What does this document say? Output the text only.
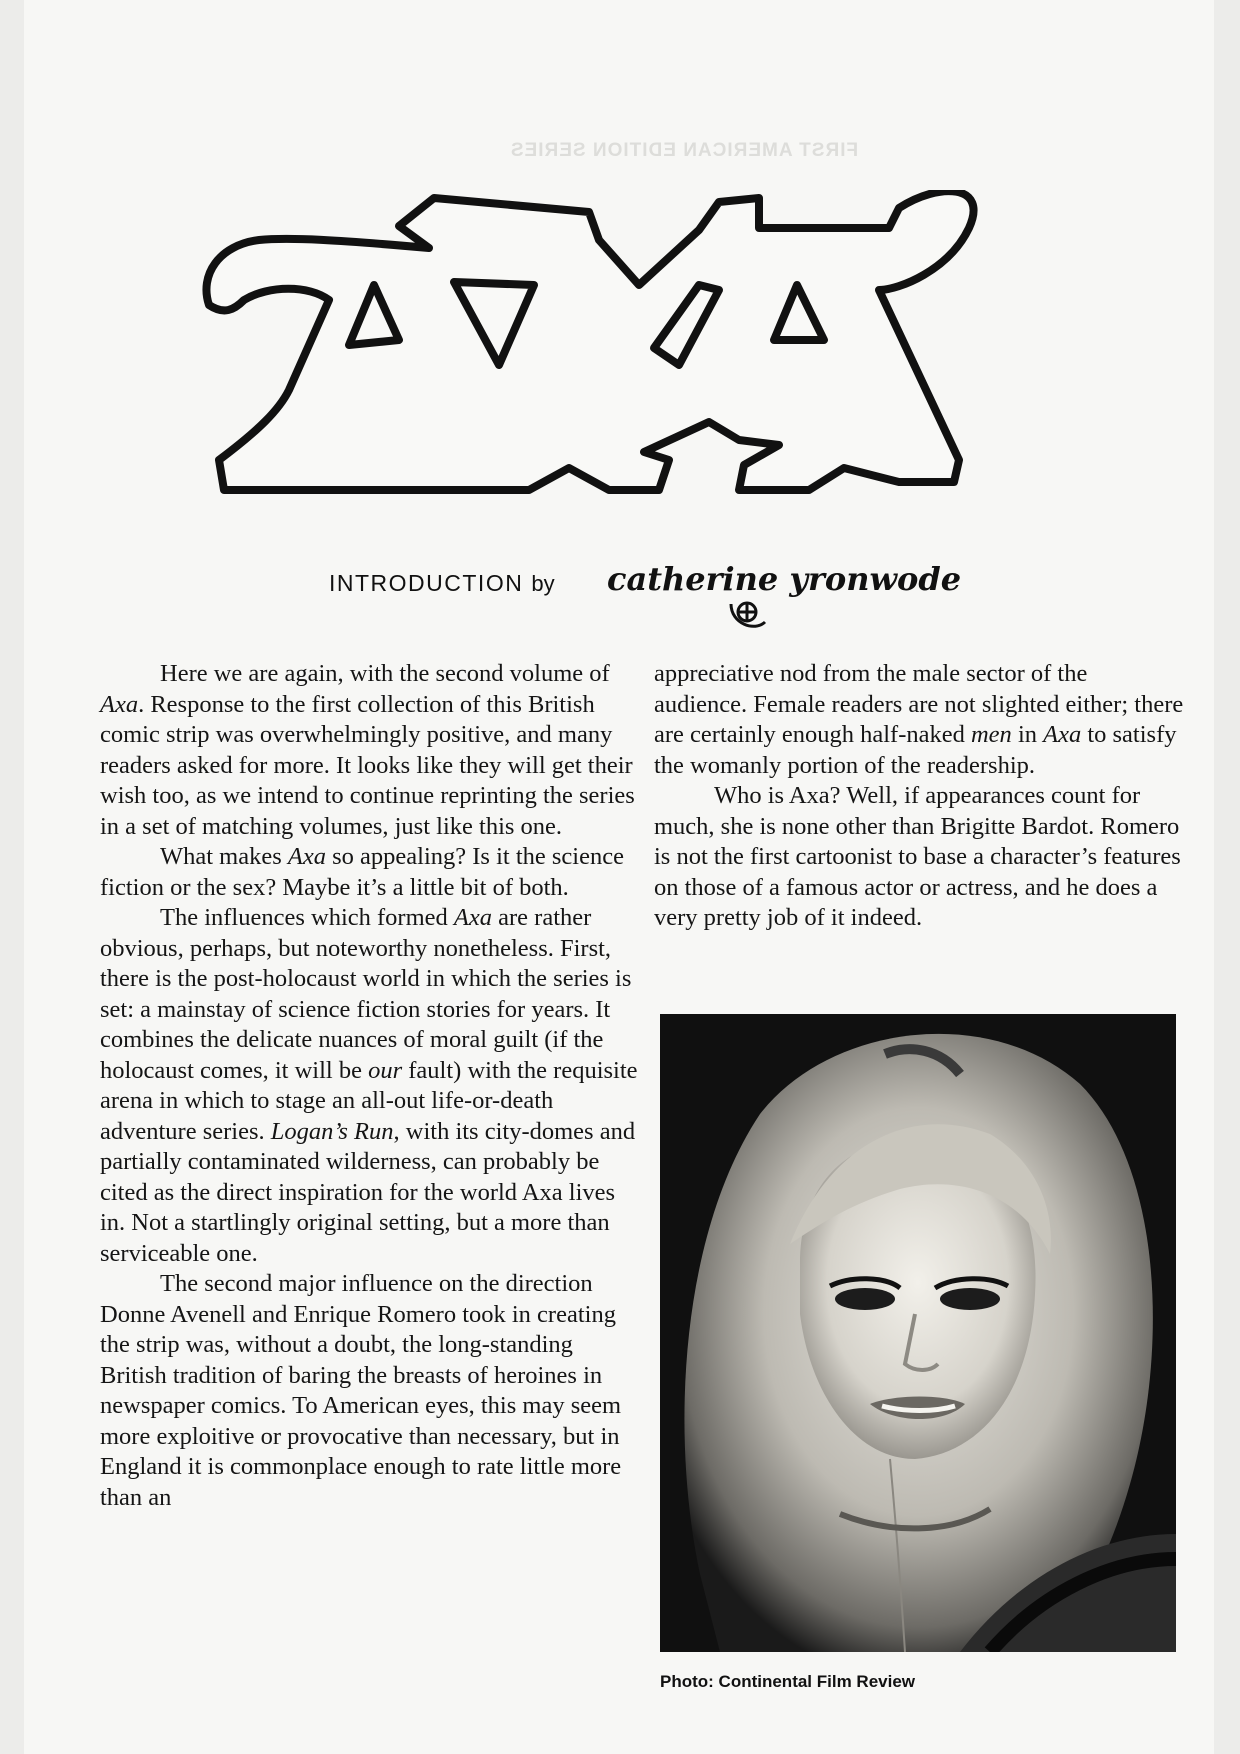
FIRST AMERICAN EDITION SERIES
INTRODUCTION by catherine yronwode

Here we are again, with the second volume of Axa. Response to the first collection of this British comic strip was overwhelmingly positive, and many readers asked for more. It looks like they will get their wish too, as we intend to continue reprinting the series in a set of matching volumes, just like this one.

What makes Axa so appealing? Is it the science fiction or the sex? Maybe it’s a little bit of both.

The influences which formed Axa are rather obvious, perhaps, but noteworthy nonetheless. First, there is the post-holocaust world in which the series is set: a mainstay of science fiction stories for years. It combines the delicate nuances of moral guilt (if the holocaust comes, it will be our fault) with the requisite arena in which to stage an all-out life-or-death adventure series. Logan’s Run, with its city-domes and partially contaminated wilderness, can probably be cited as the direct inspiration for the world Axa lives in. Not a startlingly original setting, but a more than serviceable one.

The second major influence on the direction Donne Avenell and Enrique Romero took in creating the strip was, without a doubt, the long-standing British tradition of baring the breasts of heroines in newspaper comics. To American eyes, this may seem more exploitive or provocative than necessary, but in England it is commonplace enough to rate little more than an

appreciative nod from the male sector of the audience. Female readers are not slighted either; there are certainly enough half-naked men in Axa to satisfy the womanly portion of the readership.

Who is Axa? Well, if appearances count for much, she is none other than Brigitte Bardot. Romero is not the first cartoonist to base a character’s features on those of a famous actor or actress, and he does a very pretty job of it indeed.

Photo: Continental Film Review
